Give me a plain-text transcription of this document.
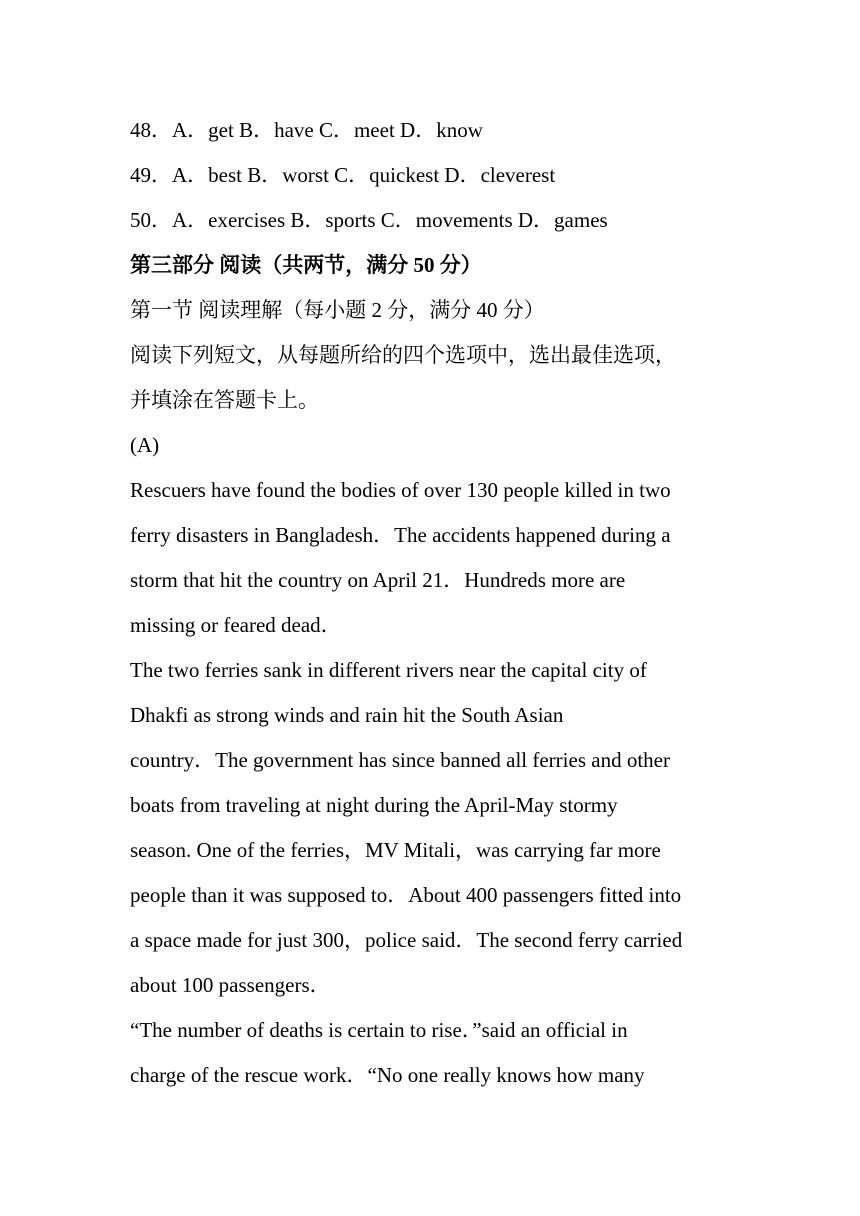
48．A．get B．have C．meet D．know
49．A．best B．worst C．quickest D．cleverest
50．A．exercises B．sports C．movements D．games
第三部分 阅读（共两节，满分 50 分）
第一节 阅读理解（每小题 2 分，满分 40 分）
阅读下列短文，从每题所给的四个选项中，选出最佳选项，
并填涂在答题卡上。
(A)
Rescuers have found the bodies of over 130 people killed in two
ferry disasters in Bangladesh．The accidents happened during a
storm that hit the country on April 21．Hundreds more are
missing or feared dead．
The two ferries sank in different rivers near the capital city of
Dhakfi as strong winds and rain hit the South Asian
country．The government has since banned all ferries and other
boats from traveling at night during the April-May stormy
season. One of the ferries，MV Mitali，was carrying far more
people than it was supposed to．About 400 passengers fitted into
a space made for just 300，police said．The second ferry carried
about 100 passengers．
“The number of deaths is certain to rise．”said an official in
charge of the rescue work．“No one really knows how many
